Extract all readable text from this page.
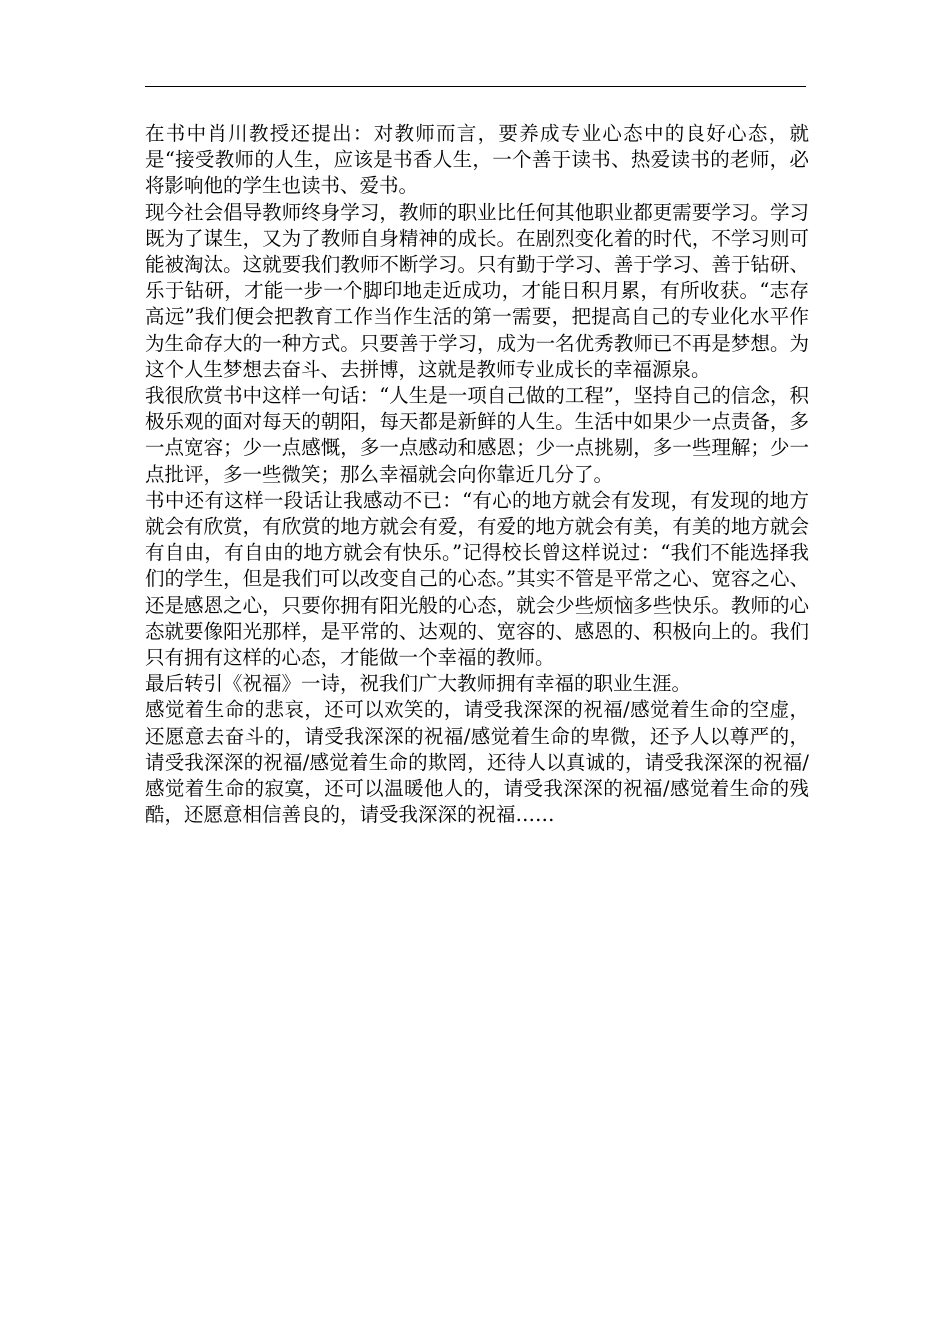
在书中肖川教授还提出：对教师而言，要养成专业心态中的良好心态，就是“接受教师的人生，应该是书香人生，一个善于读书、热爱读书的老师，必将影响他的学生也读书、爱书。

现今社会倡导教师终身学习，教师的职业比任何其他职业都更需要学习。学习既为了谋生，又为了教师自身精神的成长。在剧烈变化着的时代，不学习则可能被淘汰。这就要我们教师不断学习。只有勤于学习、善于学习、善于钻研、乐于钻研，才能一步一个脚印地走近成功，才能日积月累，有所收获。“志存高远”我们便会把教育工作当作生活的第一需要，把提高自己的专业化水平作为生命存大的一种方式。只要善于学习，成为一名优秀教师已不再是梦想。为这个人生梦想去奋斗、去拼博，这就是教师专业成长的幸福源泉。

我很欣赏书中这样一句话：“人生是一项自己做的工程”，坚持自己的信念，积极乐观的面对每天的朝阳，每天都是新鲜的人生。生活中如果少一点责备，多一点宽容；少一点感慨，多一点感动和感恩；少一点挑剔，多一些理解；少一点批评，多一些微笑；那么幸福就会向你靠近几分了。

书中还有这样一段话让我感动不已：“有心的地方就会有发现，有发现的地方就会有欣赏，有欣赏的地方就会有爱，有爱的地方就会有美，有美的地方就会有自由，有自由的地方就会有快乐。”记得校长曾这样说过：“我们不能选择我们的学生，但是我们可以改变自己的心态。”其实不管是平常之心、宽容之心、还是感恩之心，只要你拥有阳光般的心态，就会少些烦恼多些快乐。教师的心态就要像阳光那样，是平常的、达观的、宽容的、感恩的、积极向上的。我们只有拥有这样的心态，才能做一个幸福的教师。

最后转引《祝福》一诗，祝我们广大教师拥有幸福的职业生涯。

感觉着生命的悲哀，还可以欢笑的，请受我深深的祝福/感觉着生命的空虚，还愿意去奋斗的，请受我深深的祝福/感觉着生命的卑微，还予人以尊严的，请受我深深的祝福/感觉着生命的欺罔，还待人以真诚的，请受我深深的祝福/感觉着生命的寂寞，还可以温暖他人的，请受我深深的祝福/感觉着生命的残酷，还愿意相信善良的，请受我深深的祝福……
